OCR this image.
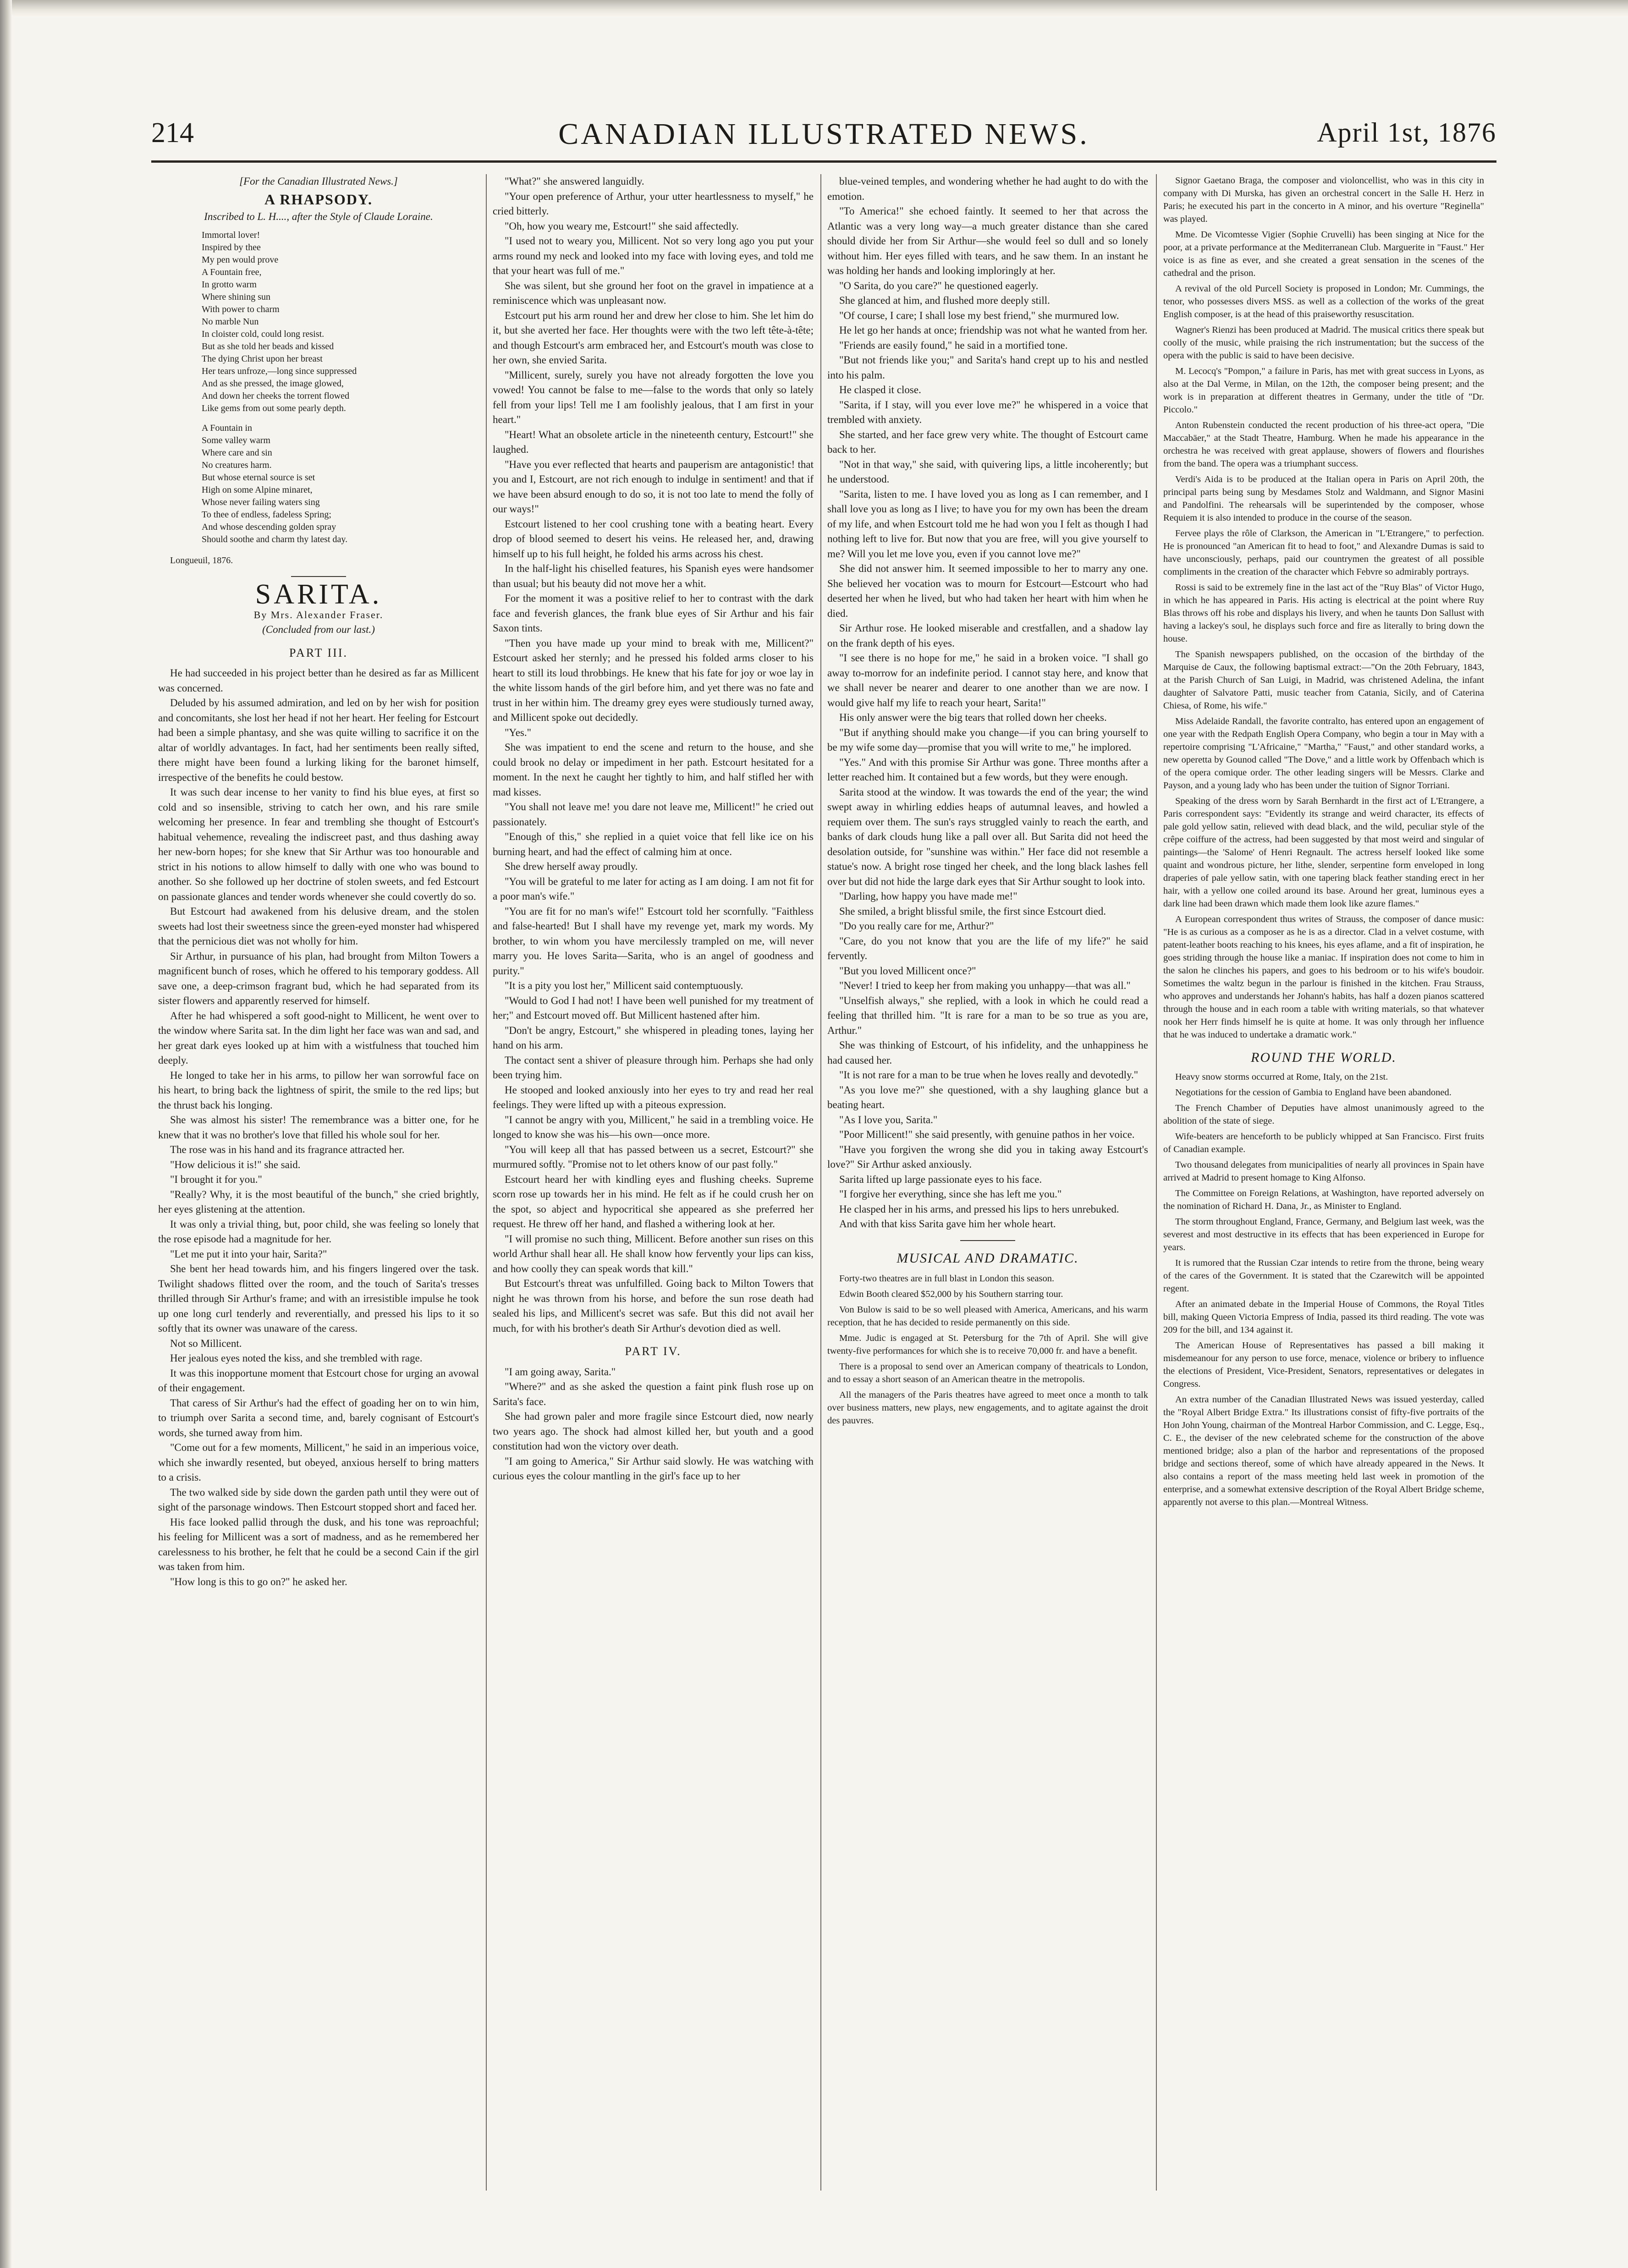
214	CANADIAN ILLUSTRATED NEWS.	April 1st, 1876

[For the Canadian Illustrated News.]

A RHAPSODY.

Inscribed to L. H...., after the Style of Claude Loraine.

Immortal lover!
Inspired by thee
My pen would prove
A Fountain free,
In grotto warm
Where shining sun
With power to charm
No marble Nun
In cloister cold, could long resist.
But as she told her beads and kissed
The dying Christ upon her breast
Her tears unfroze,—long since suppressed
And as she pressed, the image glowed,
And down her cheeks the torrent flowed
Like gems from out some pearly depth.
A Fountain in
Some valley warm
Where care and sin
No creatures harm.
But whose eternal source is set
High on some Alpine minaret,
Whose never failing waters sing
To thee of endless, fadeless Spring;
And whose descending golden spray
Should soothe and charm thy latest day.

Longueuil, 1876.

SARITA.
By Mrs. Alexander Fraser.

(Concluded from our last.)

PART III.

He had succeeded in his project better than he desired as far as Millicent was concerned.

Deluded by his assumed admiration, and led on by her wish for position and concomitants, she lost her head if not her heart. Her feeling for Estcourt had been a simple phantasy, and she was quite willing to sacrifice it on the altar of worldly advantages. In fact, had her sentiments been really sifted, there might have been found a lurking liking for the baronet himself, irrespective of the benefits he could bestow.

It was such dear incense to her vanity to find his blue eyes, at first so cold and so insensible, striving to catch her own, and his rare smile welcoming her presence. In fear and trembling she thought of Estcourt's habitual vehemence, revealing the indiscreet past, and thus dashing away her new-born hopes; for she knew that Sir Arthur was too honourable and strict in his notions to allow himself to dally with one who was bound to another. So she followed up her doctrine of stolen sweets, and fed Estcourt on passionate glances and tender words whenever she could covertly do so.

But Estcourt had awakened from his delusive dream, and the stolen sweets had lost their sweetness since the green-eyed monster had whispered that the pernicious diet was not wholly for him.

Sir Arthur, in pursuance of his plan, had brought from Milton Towers a magnificent bunch of roses, which he offered to his temporary goddess. All save one, a deep-crimson fragrant bud, which he had separated from its sister flowers and apparently reserved for himself.

After he had whispered a soft good-night to Millicent, he went over to the window where Sarita sat. In the dim light her face was wan and sad, and her great dark eyes looked up at him with a wistfulness that touched him deeply.

He longed to take her in his arms, to pillow her wan sorrowful face on his heart, to bring back the lightness of spirit, the smile to the red lips; but the thrust back his longing.

She was almost his sister! The remembrance was a bitter one, for he knew that it was no brother's love that filled his whole soul for her.

The rose was in his hand and its fragrance attracted her.

"How delicious it is!" she said.

"I brought it for you."

"Really? Why, it is the most beautiful of the bunch," she cried brightly, her eyes glistening at the attention.

It was only a trivial thing, but, poor child, she was feeling so lonely that the rose episode had a magnitude for her.

"Let me put it into your hair, Sarita?"

She bent her head towards him, and his fingers lingered over the task. Twilight shadows flitted over the room, and the touch of Sarita's tresses thrilled through Sir Arthur's frame; and with an irresistible impulse he took up one long curl tenderly and reverentially, and pressed his lips to it so softly that its owner was unaware of the caress.

Not so Millicent.

Her jealous eyes noted the kiss, and she trembled with rage.

It was this inopportune moment that Estcourt chose for urging an avowal of their engagement.

That caress of Sir Arthur's had the effect of goading her on to win him, to triumph over Sarita a second time, and, barely cognisant of Estcourt's words, she turned away from him.

"Come out for a few moments, Millicent," he said in an imperious voice, which she inwardly resented, but obeyed, anxious herself to bring matters to a crisis.

The two walked side by side down the garden path until they were out of sight of the parsonage windows. Then Estcourt stopped short and faced her.

His face looked pallid through the dusk, and his tone was reproachful; his feeling for Millicent was a sort of madness, and as he remembered her carelessness to his brother, he felt that he could be a second Cain if the girl was taken from him.

"How long is this to go on?" he asked her.

"What?" she answered languidly.

"Your open preference of Arthur, your utter heartlessness to myself," he cried bitterly.

"Oh, how you weary me, Estcourt!" she said affectedly.

"I used not to weary you, Millicent. Not so very long ago you put your arms round my neck and looked into my face with loving eyes, and told me that your heart was full of me."

She was silent, but she ground her foot on the gravel in impatience at a reminiscence which was unpleasant now.

Estcourt put his arm round her and drew her close to him. She let him do it, but she averted her face. Her thoughts were with the two left tête-à-tête; and though Estcourt's arm embraced her, and Estcourt's mouth was close to her own, she envied Sarita.

"Millicent, surely, surely you have not already forgotten the love you vowed! You cannot be false to me—false to the words that only so lately fell from your lips! Tell me I am foolishly jealous, that I am first in your heart."

"Heart! What an obsolete article in the nineteenth century, Estcourt!" she laughed.

"Have you ever reflected that hearts and pauperism are antagonistic! that you and I, Estcourt, are not rich enough to indulge in sentiment! and that if we have been absurd enough to do so, it is not too late to mend the folly of our ways!"

Estcourt listened to her cool crushing tone with a beating heart. Every drop of blood seemed to desert his veins. He released her, and, drawing himself up to his full height, he folded his arms across his chest.

In the half-light his chiselled features, his Spanish eyes were handsomer than usual; but his beauty did not move her a whit.

For the moment it was a positive relief to her to contrast with the dark face and feverish glances, the frank blue eyes of Sir Arthur and his fair Saxon tints.

"Then you have made up your mind to break with me, Millicent?" Estcourt asked her sternly; and he pressed his folded arms closer to his heart to still its loud throbbings. He knew that his fate for joy or woe lay in the white lissom hands of the girl before him, and yet there was no fate and trust in her within him. The dreamy grey eyes were studiously turned away, and Millicent spoke out decidedly.

"Yes."

She was impatient to end the scene and return to the house, and she could brook no delay or impediment in her path. Estcourt hesitated for a moment. In the next he caught her tightly to him, and half stifled her with mad kisses.

"You shall not leave me! you dare not leave me, Millicent!" he cried out passionately.

"Enough of this," she replied in a quiet voice that fell like ice on his burning heart, and had the effect of calming him at once.

She drew herself away proudly.

"You will be grateful to me later for acting as I am doing. I am not fit for a poor man's wife."

"You are fit for no man's wife!" Estcourt told her scornfully. "Faithless and false-hearted! But I shall have my revenge yet, mark my words. My brother, to win whom you have mercilessly trampled on me, will never marry you. He loves Sarita—Sarita, who is an angel of goodness and purity."

"It is a pity you lost her," Millicent said contemptuously.

"Would to God I had not! I have been well punished for my treatment of her;" and Estcourt moved off. But Millicent hastened after him.

"Don't be angry, Estcourt," she whispered in pleading tones, laying her hand on his arm.

The contact sent a shiver of pleasure through him. Perhaps she had only been trying him.

He stooped and looked anxiously into her eyes to try and read her real feelings. They were lifted up with a piteous expression.

"I cannot be angry with you, Millicent," he said in a trembling voice. He longed to know she was his—his own—once more.

"You will keep all that has passed between us a secret, Estcourt?" she murmured softly. "Promise not to let others know of our past folly."

Estcourt heard her with kindling eyes and flushing cheeks. Supreme scorn rose up towards her in his mind. He felt as if he could crush her on the spot, so abject and hypocritical she appeared as she preferred her request. He threw off her hand, and flashed a withering look at her.

"I will promise no such thing, Millicent. Before another sun rises on this world Arthur shall hear all. He shall know how fervently your lips can kiss, and how coolly they can speak words that kill."

But Estcourt's threat was unfulfilled. Going back to Milton Towers that night he was thrown from his horse, and before the sun rose death had sealed his lips, and Millicent's secret was safe. But this did not avail her much, for with his brother's death Sir Arthur's devotion died as well.

PART IV.

"I am going away, Sarita."

"Where?" and as she asked the question a faint pink flush rose up on Sarita's face.

She had grown paler and more fragile since Estcourt died, now nearly two years ago. The shock had almost killed her, but youth and a good constitution had won the victory over death.

"I am going to America," Sir Arthur said slowly. He was watching with curious eyes the colour mantling in the girl's face up to her

blue-veined temples, and wondering whether he had aught to do with the emotion.

"To America!" she echoed faintly. It seemed to her that across the Atlantic was a very long way—a much greater distance than she cared should divide her from Sir Arthur—she would feel so dull and so lonely without him. Her eyes filled with tears, and he saw them. In an instant he was holding her hands and looking imploringly at her.

"O Sarita, do you care?" he questioned eagerly.

She glanced at him, and flushed more deeply still.

"Of course, I care; I shall lose my best friend," she murmured low.

He let go her hands at once; friendship was not what he wanted from her.

"Friends are easily found," he said in a mortified tone.

"But not friends like you;" and Sarita's hand crept up to his and nestled into his palm.

He clasped it close.

"Sarita, if I stay, will you ever love me?" he whispered in a voice that trembled with anxiety.

She started, and her face grew very white. The thought of Estcourt came back to her.

"Not in that way," she said, with quivering lips, a little incoherently; but he understood.

"Sarita, listen to me. I have loved you as long as I can remember, and I shall love you as long as I live; to have you for my own has been the dream of my life, and when Estcourt told me he had won you I felt as though I had nothing left to live for. But now that you are free, will you give yourself to me? Will you let me love you, even if you cannot love me?"

She did not answer him. It seemed impossible to her to marry any one. She believed her vocation was to mourn for Estcourt—Estcourt who had deserted her when he lived, but who had taken her heart with him when he died.

Sir Arthur rose. He looked miserable and crestfallen, and a shadow lay on the frank depth of his eyes.

"I see there is no hope for me," he said in a broken voice. "I shall go away to-morrow for an indefinite period. I cannot stay here, and know that we shall never be nearer and dearer to one another than we are now. I would give half my life to reach your heart, Sarita!"

His only answer were the big tears that rolled down her cheeks.

"But if anything should make you change—if you can bring yourself to be my wife some day—promise that you will write to me," he implored.

"Yes." And with this promise Sir Arthur was gone. Three months after a letter reached him. It contained but a few words, but they were enough.

Sarita stood at the window. It was towards the end of the year; the wind swept away in whirling eddies heaps of autumnal leaves, and howled a requiem over them. The sun's rays struggled vainly to reach the earth, and banks of dark clouds hung like a pall over all. But Sarita did not heed the desolation outside, for "sunshine was within." Her face did not resemble a statue's now. A bright rose tinged her cheek, and the long black lashes fell over but did not hide the large dark eyes that Sir Arthur sought to look into.

"Darling, how happy you have made me!"

She smiled, a bright blissful smile, the first since Estcourt died.

"Do you really care for me, Arthur?"

"Care, do you not know that you are the life of my life?" he said fervently.

"But you loved Millicent once?"

"Never! I tried to keep her from making you unhappy—that was all."

"Unselfish always," she replied, with a look in which he could read a feeling that thrilled him. "It is rare for a man to be so true as you are, Arthur."

She was thinking of Estcourt, of his infidelity, and the unhappiness he had caused her.

"It is not rare for a man to be true when he loves really and devotedly."

"As you love me?" she questioned, with a shy laughing glance but a beating heart.

"As I love you, Sarita."

"Poor Millicent!" she said presently, with genuine pathos in her voice.

"Have you forgiven the wrong she did you in taking away Estcourt's love?" Sir Arthur asked anxiously.

Sarita lifted up large passionate eyes to his face.

"I forgive her everything, since she has left me you."

He clasped her in his arms, and pressed his lips to hers unrebuked.

And with that kiss Sarita gave him her whole heart.

MUSICAL AND DRAMATIC.

Forty-two theatres are in full blast in London this season.

Edwin Booth cleared $52,000 by his Southern starring tour.

Von Bulow is said to be so well pleased with America, Americans, and his warm reception, that he has decided to reside permanently on this side.

Mme. Judic is engaged at St. Petersburg for the 7th of April. She will give twenty-five performances for which she is to receive 70,000 fr. and have a benefit.

There is a proposal to send over an American company of theatricals to London, and to essay a short season of an American theatre in the metropolis.

All the managers of the Paris theatres have agreed to meet once a month to talk over business matters, new plays, new engagements, and to agitate against the droit des pauvres.

Signor Gaetano Braga, the composer and violoncellist, who was in this city in company with Di Murska, has given an orchestral concert in the Salle H. Herz in Paris; he executed his part in the concerto in A minor, and his overture "Reginella" was played.

Mme. De Vicomtesse Vigier (Sophie Cruvelli) has been singing at Nice for the poor, at a private performance at the Mediterranean Club. Marguerite in "Faust." Her voice is as fine as ever, and she created a great sensation in the scenes of the cathedral and the prison.

A revival of the old Purcell Society is proposed in London; Mr. Cummings, the tenor, who possesses divers MSS. as well as a collection of the works of the great English composer, is at the head of this praiseworthy resuscitation.

Wagner's Rienzi has been produced at Madrid. The musical critics there speak but coolly of the music, while praising the rich instrumentation; but the success of the opera with the public is said to have been decisive.

M. Lecocq's "Pompon," a failure in Paris, has met with great success in Lyons, as also at the Dal Verme, in Milan, on the 12th, the composer being present; and the work is in preparation at different theatres in Germany, under the title of "Dr. Piccolo."

Anton Rubenstein conducted the recent production of his three-act opera, "Die Maccabäer," at the Stadt Theatre, Hamburg. When he made his appearance in the orchestra he was received with great applause, showers of flowers and flourishes from the band. The opera was a triumphant success.

Verdi's Aida is to be produced at the Italian opera in Paris on April 20th, the principal parts being sung by Mesdames Stolz and Waldmann, and Signor Masini and Pandolfini. The rehearsals will be superintended by the composer, whose Requiem it is also intended to produce in the course of the season.

Fervee plays the rôle of Clarkson, the American in "L'Etrangere," to perfection. He is pronounced "an American fit to head to foot," and Alexandre Dumas is said to have unconsciously, perhaps, paid our countrymen the greatest of all possible compliments in the creation of the character which Febvre so admirably portrays.

Rossi is said to be extremely fine in the last act of the "Ruy Blas" of Victor Hugo, in which he has appeared in Paris. His acting is electrical at the point where Ruy Blas throws off his robe and displays his livery, and when he taunts Don Sallust with having a lackey's soul, he displays such force and fire as literally to bring down the house.

The Spanish newspapers published, on the occasion of the birthday of the Marquise de Caux, the following baptismal extract:—"On the 20th February, 1843, at the Parish Church of San Luigi, in Madrid, was christened Adelina, the infant daughter of Salvatore Patti, music teacher from Catania, Sicily, and of Caterina Chiesa, of Rome, his wife."

Miss Adelaide Randall, the favorite contralto, has entered upon an engagement of one year with the Redpath English Opera Company, who begin a tour in May with a repertoire comprising "L'Africaine," "Martha," "Faust," and other standard works, a new operetta by Gounod called "The Dove," and a little work by Offenbach which is of the opera comique order. The other leading singers will be Messrs. Clarke and Payson, and a young lady who has been under the tuition of Signor Torriani.

Speaking of the dress worn by Sarah Bernhardt in the first act of L'Etrangere, a Paris correspondent says: "Evidently its strange and weird character, its effects of pale gold yellow satin, relieved with dead black, and the wild, peculiar style of the crêpe coiffure of the actress, had been suggested by that most weird and singular of paintings—the 'Salome' of Henri Regnault. The actress herself looked like some quaint and wondrous picture, her lithe, slender, serpentine form enveloped in long draperies of pale yellow satin, with one tapering black feather standing erect in her hair, with a yellow one coiled around its base. Around her great, luminous eyes a dark line had been drawn which made them look like azure flames."

A European correspondent thus writes of Strauss, the composer of dance music: "He is as curious as a composer as he is as a director. Clad in a velvet costume, with patent-leather boots reaching to his knees, his eyes aflame, and a fit of inspiration, he goes striding through the house like a maniac. If inspiration does not come to him in the salon he clinches his papers, and goes to his bedroom or to his wife's boudoir. Sometimes the waltz begun in the parlour is finished in the kitchen. Frau Strauss, who approves and understands her Johann's habits, has half a dozen pianos scattered through the house and in each room a table with writing materials, so that whatever nook her Herr finds himself he is quite at home. It was only through her influence that he was induced to undertake a dramatic work."

ROUND THE WORLD.

Heavy snow storms occurred at Rome, Italy, on the 21st.

Negotiations for the cession of Gambia to England have been abandoned.

The French Chamber of Deputies have almost unanimously agreed to the abolition of the state of siege.

Wife-beaters are henceforth to be publicly whipped at San Francisco. First fruits of Canadian example.

Two thousand delegates from municipalities of nearly all provinces in Spain have arrived at Madrid to present homage to King Alfonso.

The Committee on Foreign Relations, at Washington, have reported adversely on the nomination of Richard H. Dana, Jr., as Minister to England.

The storm throughout England, France, Germany, and Belgium last week, was the severest and most destructive in its effects that has been experienced in Europe for years.

It is rumored that the Russian Czar intends to retire from the throne, being weary of the cares of the Government. It is stated that the Czarewitch will be appointed regent.

After an animated debate in the Imperial House of Commons, the Royal Titles bill, making Queen Victoria Empress of India, passed its third reading. The vote was 209 for the bill, and 134 against it.

The American House of Representatives has passed a bill making it misdemeanour for any person to use force, menace, violence or bribery to influence the elections of President, Vice-President, Senators, representatives or delegates in Congress.

An extra number of the Canadian Illustrated News was issued yesterday, called the "Royal Albert Bridge Extra." Its illustrations consist of fifty-five portraits of the Hon John Young, chairman of the Montreal Harbor Commission, and C. Legge, Esq., C. E., the deviser of the new celebrated scheme for the construction of the above mentioned bridge; also a plan of the harbor and representations of the proposed bridge and sections thereof, some of which have already appeared in the News. It also contains a report of the mass meeting held last week in promotion of the enterprise, and a somewhat extensive description of the Royal Albert Bridge scheme, apparently not averse to this plan.—Montreal Witness.
